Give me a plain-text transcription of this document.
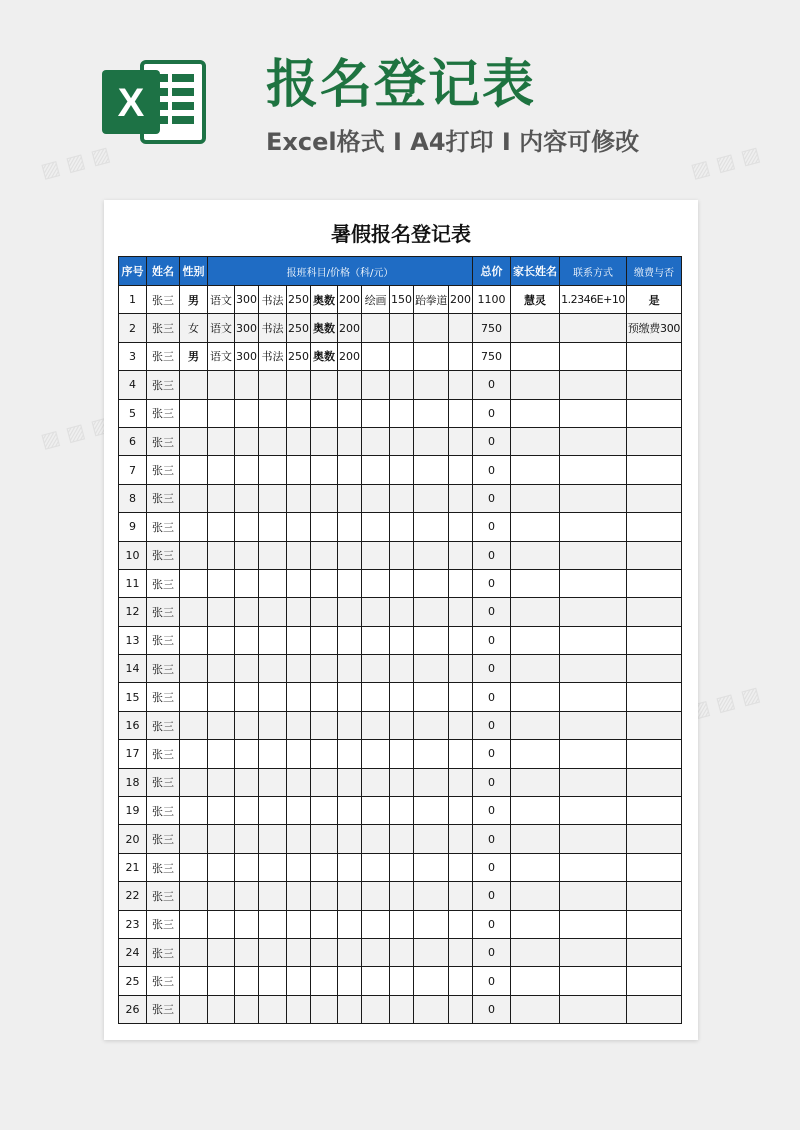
▨ ▨ ▨	▨ ▨ ▨
▨ ▨ ▨
▨ ▨ ▨
X 报名登记表
Excel格式 I A4打印 I 内容可修改
暑假报名登记表
序号	姓名	性别	报班科目/价格（科/元）										总价	家长姓名	联系方式	缴费与否
1	张三	男	语文	300	书法	250	奥数	200	绘画	150	跆拳道	200	1100	慧灵	1.2346E+10	是
2	张三	女	语文	300	书法	250	奥数	200					750			预缴费300
3	张三	男	语文	300	书法	250	奥数	200					750			
4	张三												0			
5	张三												0			
6	张三												0			
7	张三												0			
8	张三												0			
9	张三												0			
10	张三												0			
11	张三												0			
12	张三												0			
13	张三												0			
14	张三												0			
15	张三												0			
16	张三												0			
17	张三												0			
18	张三												0			
19	张三												0			
20	张三												0			
21	张三												0			
22	张三												0			
23	张三												0			
24	张三												0			
25	张三												0			
26	张三												0			
